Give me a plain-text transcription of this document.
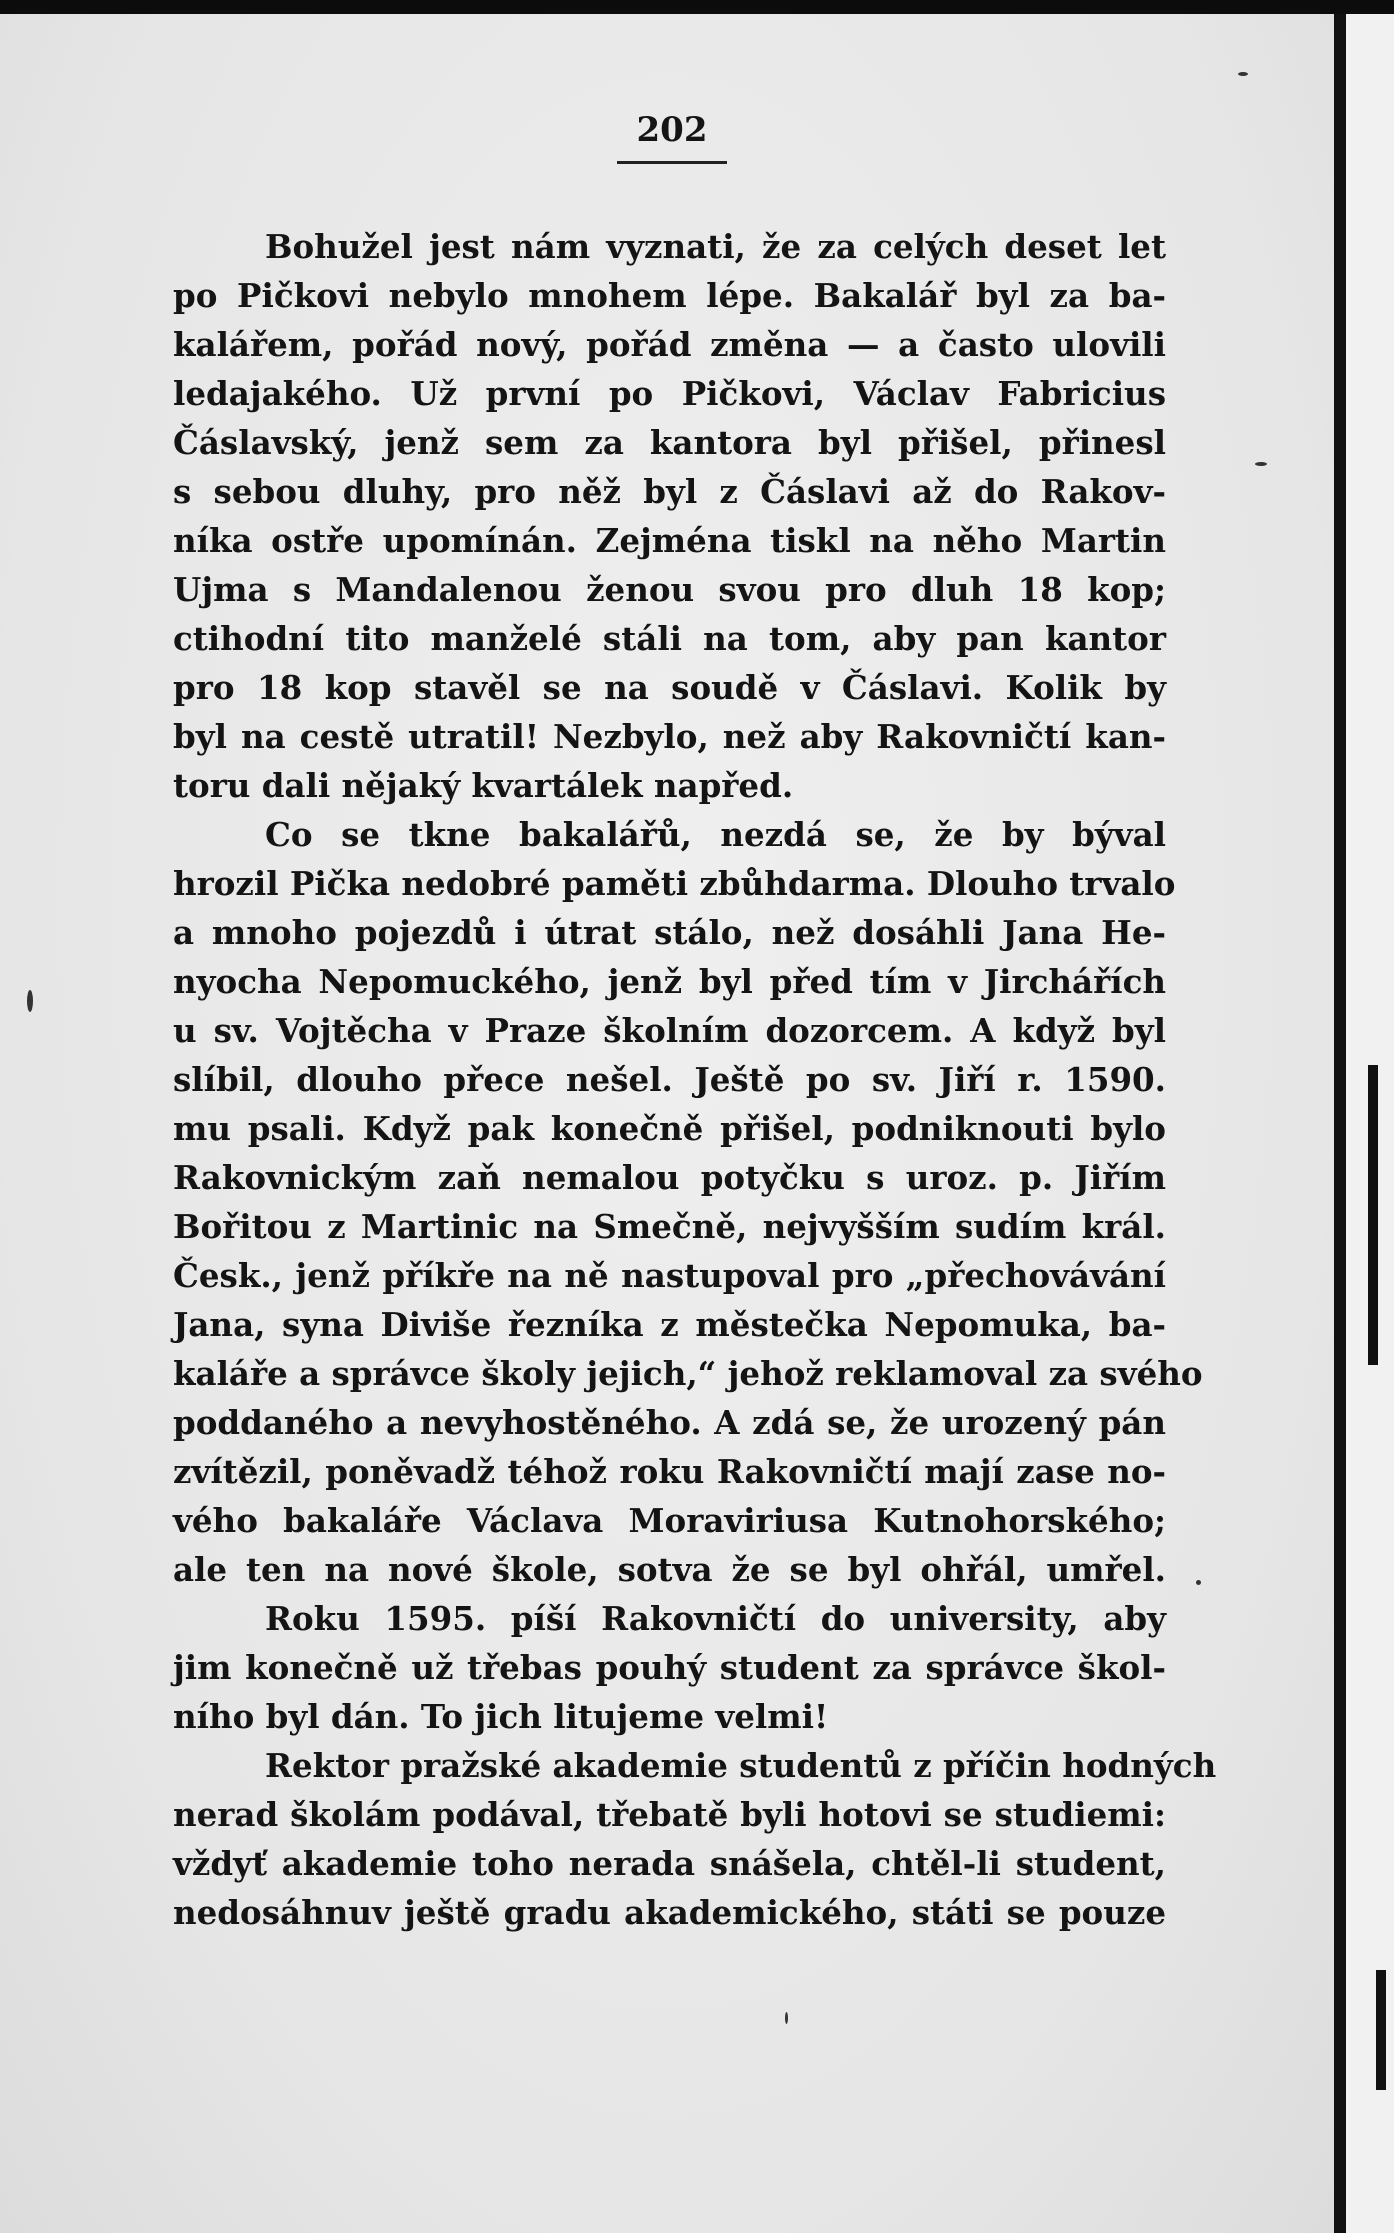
202
Bohužel jest nám vyznati, že za celých deset let
po Pičkovi nebylo mnohem lépe. Bakalář byl za ba-
kalářem, pořád nový, pořád změna — a často ulovili
ledajakého. Už první po Pičkovi, Václav Fabricius
Čáslavský, jenž sem za kantora byl přišel, přinesl
s sebou dluhy, pro něž byl z Čáslavi až do Rakov-
níka ostře upomínán. Zejména tiskl na něho Martin
Ujma s Mandalenou ženou svou pro dluh 18 kop;
ctihodní tito manželé stáli na tom, aby pan kantor
pro 18 kop stavěl se na soudě v Čáslavi. Kolik by
byl na cestě utratil! Nezbylo, než aby Rakovničtí kan-
toru dali nějaký kvartálek napřed.
Co se tkne bakalářů, nezdá se, že by býval
hrozil Pička nedobré paměti zbůhdarma. Dlouho trvalo
a mnoho pojezdů i útrat stálo, než dosáhli Jana He-
nyocha Nepomuckého, jenž byl před tím v Jirchářích
u sv. Vojtěcha v Praze školním dozorcem. A když byl
slíbil, dlouho přece nešel. Ještě po sv. Jiří r. 1590.
mu psali. Když pak konečně přišel, podniknouti bylo
Rakovnickým zaň nemalou potyčku s uroz. p. Jiřím
Bořitou z Martinic na Smečně, nejvyšším sudím král.
Česk., jenž příkře na ně nastupoval pro „přechovávání
Jana, syna Diviše řezníka z městečka Nepomuka, ba-
kaláře a správce školy jejich,“ jehož reklamoval za svého
poddaného a nevyhostěného. A zdá se, že urozený pán
zvítězil, poněvadž téhož roku Rakovničtí mají zase no-
vého bakaláře Václava Moraviriusa Kutnohorského;
ale ten na nové škole, sotva že se byl ohřál, umřel.
Roku 1595. píší Rakovničtí do university, aby
jim konečně už třebas pouhý student za správce škol-
ního byl dán. To jich litujeme velmi!
Rektor pražské akademie studentů z příčin hodných
nerad školám podával, třebatě byli hotovi se studiemi:
vždyť akademie toho nerada snášela, chtěl-li student,
nedosáhnuv ještě gradu akademického, státi se pouze
